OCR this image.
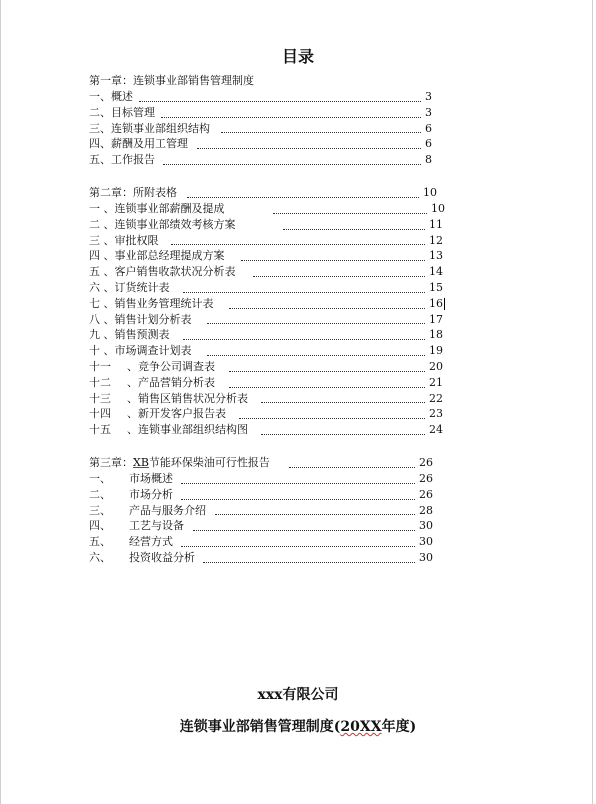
目录
第一章：连锁事业部销售管理制度
一、概述	3
二、目标管理	3
三、连锁事业部组织结构	6
四、薪酬及用工管理	6
五、工作报告	8
第二章：所附表格	10
一 、连锁事业部薪酬及提成	10
二 、连锁事业部绩效考核方案	11
三 、审批权限	12
四 、事业部总经理提成方案	13
五 、客户销售收款状况分析表	14
六 、订货统计表	15
七 、销售业务管理统计表	16
八 、销售计划分析表	17
九 、销售预测表	18
十 、市场调查计划表	19
十一 、竞争公司调查表	20
十二 、产品营销分析表	21
十三 、销售区销售状况分析表	22
十四 、新开发客户报告表	23
十五 、连锁事业部组织结构图	24
第三章：XB节能环保柴油可行性报告	26
一、 市场概述	26
二、 市场分析	26
三、 产品与服务介绍	28
四、 工艺与设备	30
五、 经营方式	30
六、 投资收益分析	30
xxx有限公司
连锁事业部销售管理制度(20XX年度)
